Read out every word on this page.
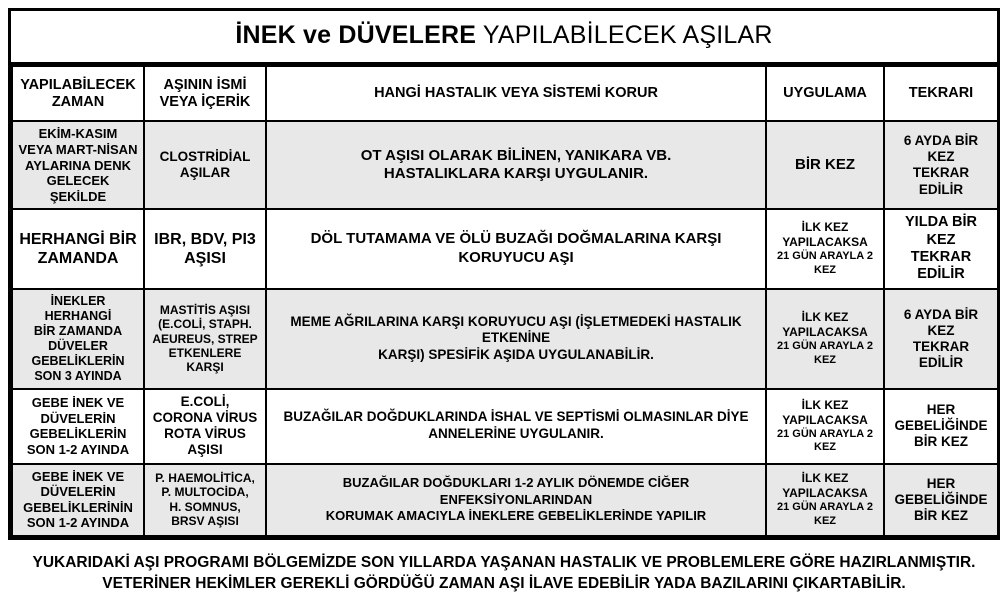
İNEK ve DÜVELERE YAPILABİLECEK AŞILAR
YAPILABİLECEK
ZAMAN	AŞININ İSMİ
VEYA İÇERİK	HANGİ HASTALIK VEYA SİSTEMİ KORUR	UYGULAMA	TEKRARI
EKİM-KASIM
VEYA MART-NİSAN
AYLARINA DENK
GELECEK ŞEKİLDE	CLOSTRİDİAL
AŞILAR	OT AŞISI OLARAK BİLİNEN, YANIKARA VB.
HASTALIKLARA KARŞI UYGULANIR.	BİR KEZ	6 AYDA BİR KEZ
TEKRAR EDİLİR
HERHANGİ BİR
ZAMANDA	IBR, BDV, PI3
AŞISI	DÖL TUTAMAMA VE ÖLÜ BUZAĞI DOĞMALARINA KARŞI
KORUYUCU AŞI	İLK KEZ YAPILACAKSA
21 GÜN ARAYLA 2 KEZ	YILDA BİR KEZ
TEKRAR EDİLİR
İNEKLER HERHANGİ
BİR ZAMANDA
DÜVELER
GEBELİKLERİN
SON 3 AYINDA	MASTİTİS AŞISI
(E.COLİ, STAPH.
AEUREUS, STREP
ETKENLERE KARŞI	MEME AĞRILARINA KARŞI KORUYUCU AŞI (İŞLETMEDEKİ HASTALIK ETKENİNE
KARŞI) SPESİFİK AŞIDA UYGULANABİLİR.	İLK KEZ YAPILACAKSA
21 GÜN ARAYLA 2 KEZ	6 AYDA BİR KEZ
TEKRAR EDİLİR
GEBE İNEK VE
DÜVELERİN
GEBELİKLERİN
SON 1-2 AYINDA	E.COLİ,
CORONA VİRUS
ROTA VİRUS
AŞISI	BUZAĞILAR DOĞDUKLARINDA İSHAL VE SEPTİSMİ OLMASINLAR DİYE
ANNELERİNE UYGULANIR.	İLK KEZ YAPILACAKSA
21 GÜN ARAYLA 2 KEZ	HER GEBELİĞİNDE
BİR KEZ
GEBE İNEK VE
DÜVELERİN
GEBELİKLERİNİN
SON 1-2 AYINDA	P. HAEMOLİTİCA,
P. MULTOCİDA,
H. SOMNUS,
BRSV AŞISI	BUZAĞILAR DOĞDUKLARI 1-2 AYLIK DÖNEMDE CİĞER ENFEKSİYONLARINDAN
KORUMAK AMACIYLA İNEKLERE GEBELİKLERİNDE YAPILIR	İLK KEZ YAPILACAKSA
21 GÜN ARAYLA 2 KEZ	HER GEBELİĞİNDE
BİR KEZ
YUKARIDAKİ AŞI PROGRAMI BÖLGEMİZDE SON YILLARDA YAŞANAN HASTALIK VE PROBLEMLERE GÖRE HAZIRLANMIŞTIR.
VETERİNER HEKİMLER GEREKLİ GÖRDÜĞÜ ZAMAN AŞI İLAVE EDEBİLİR YADA BAZILARINI ÇIKARTABİLİR.
